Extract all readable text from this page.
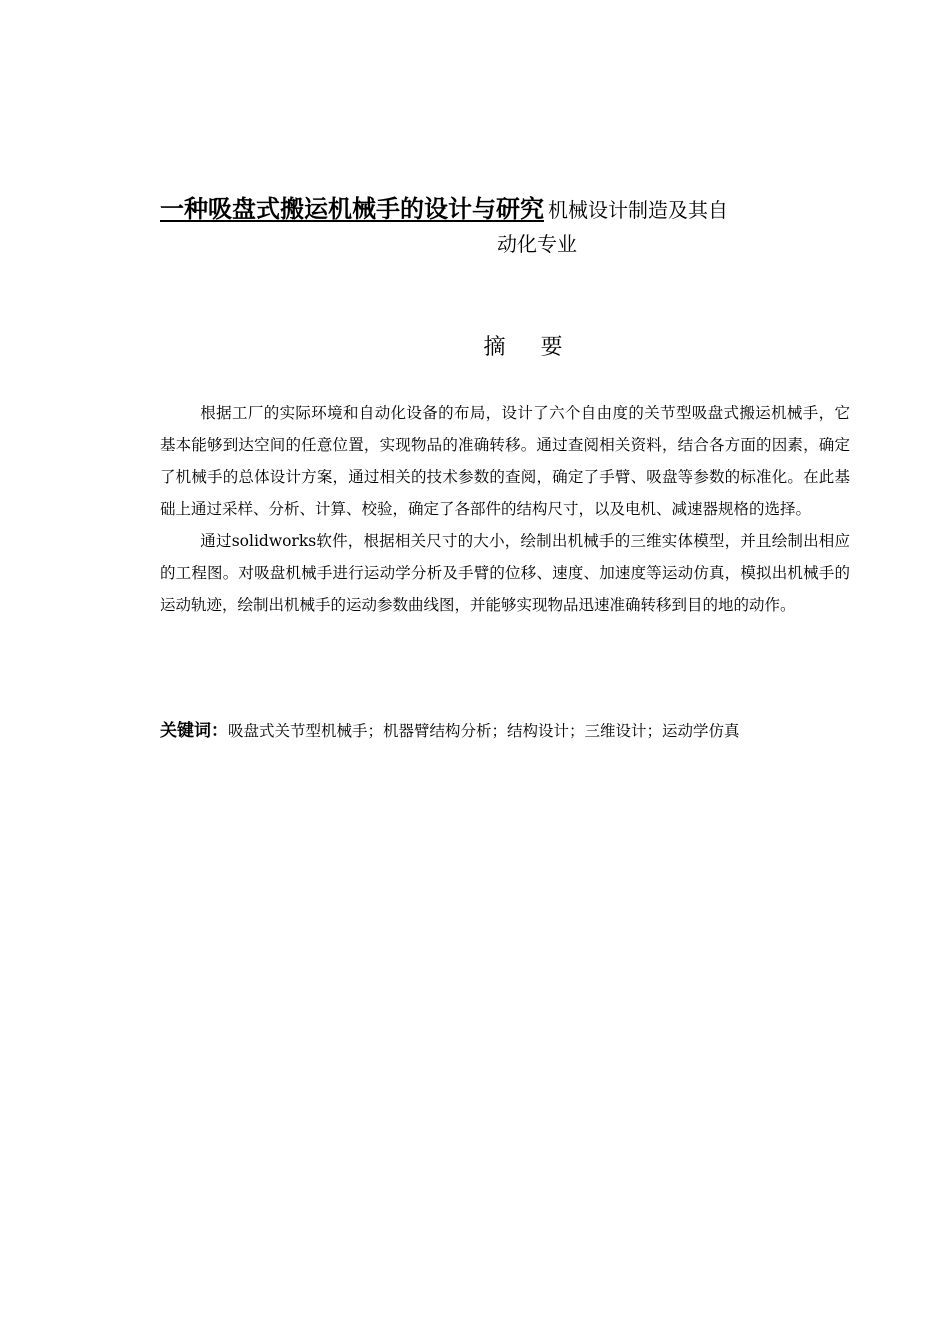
一种吸盘式搬运机械手的设计与研究 机械设计制造及其自
动化专业
摘 要

根据工厂的实际环境和自动化设备的布局，设计了六个自由度的关节型吸盘式搬运机械手，它基本能够到达空间的任意位置，实现物品的准确转移。通过查阅相关资料，结合各方面的因素，确定了机械手的总体设计方案，通过相关的技术参数的查阅，确定了手臂、吸盘等参数的标准化。在此基础上通过采样、分析、计算、校验，确定了各部件的结构尺寸，以及电机、减速器规格的选择。

通过solidworks软件，根据相关尺寸的大小，绘制出机械手的三维实体模型，并且绘制出相应的工程图。对吸盘机械手进行运动学分析及手臂的位移、速度、加速度等运动仿真，模拟出机械手的运动轨迹，绘制出机械手的运动参数曲线图，并能够实现物品迅速准确转移到目的地的动作。

关键词：吸盘式关节型机械手；机器臂结构分析；结构设计；三维设计；运动学仿真
